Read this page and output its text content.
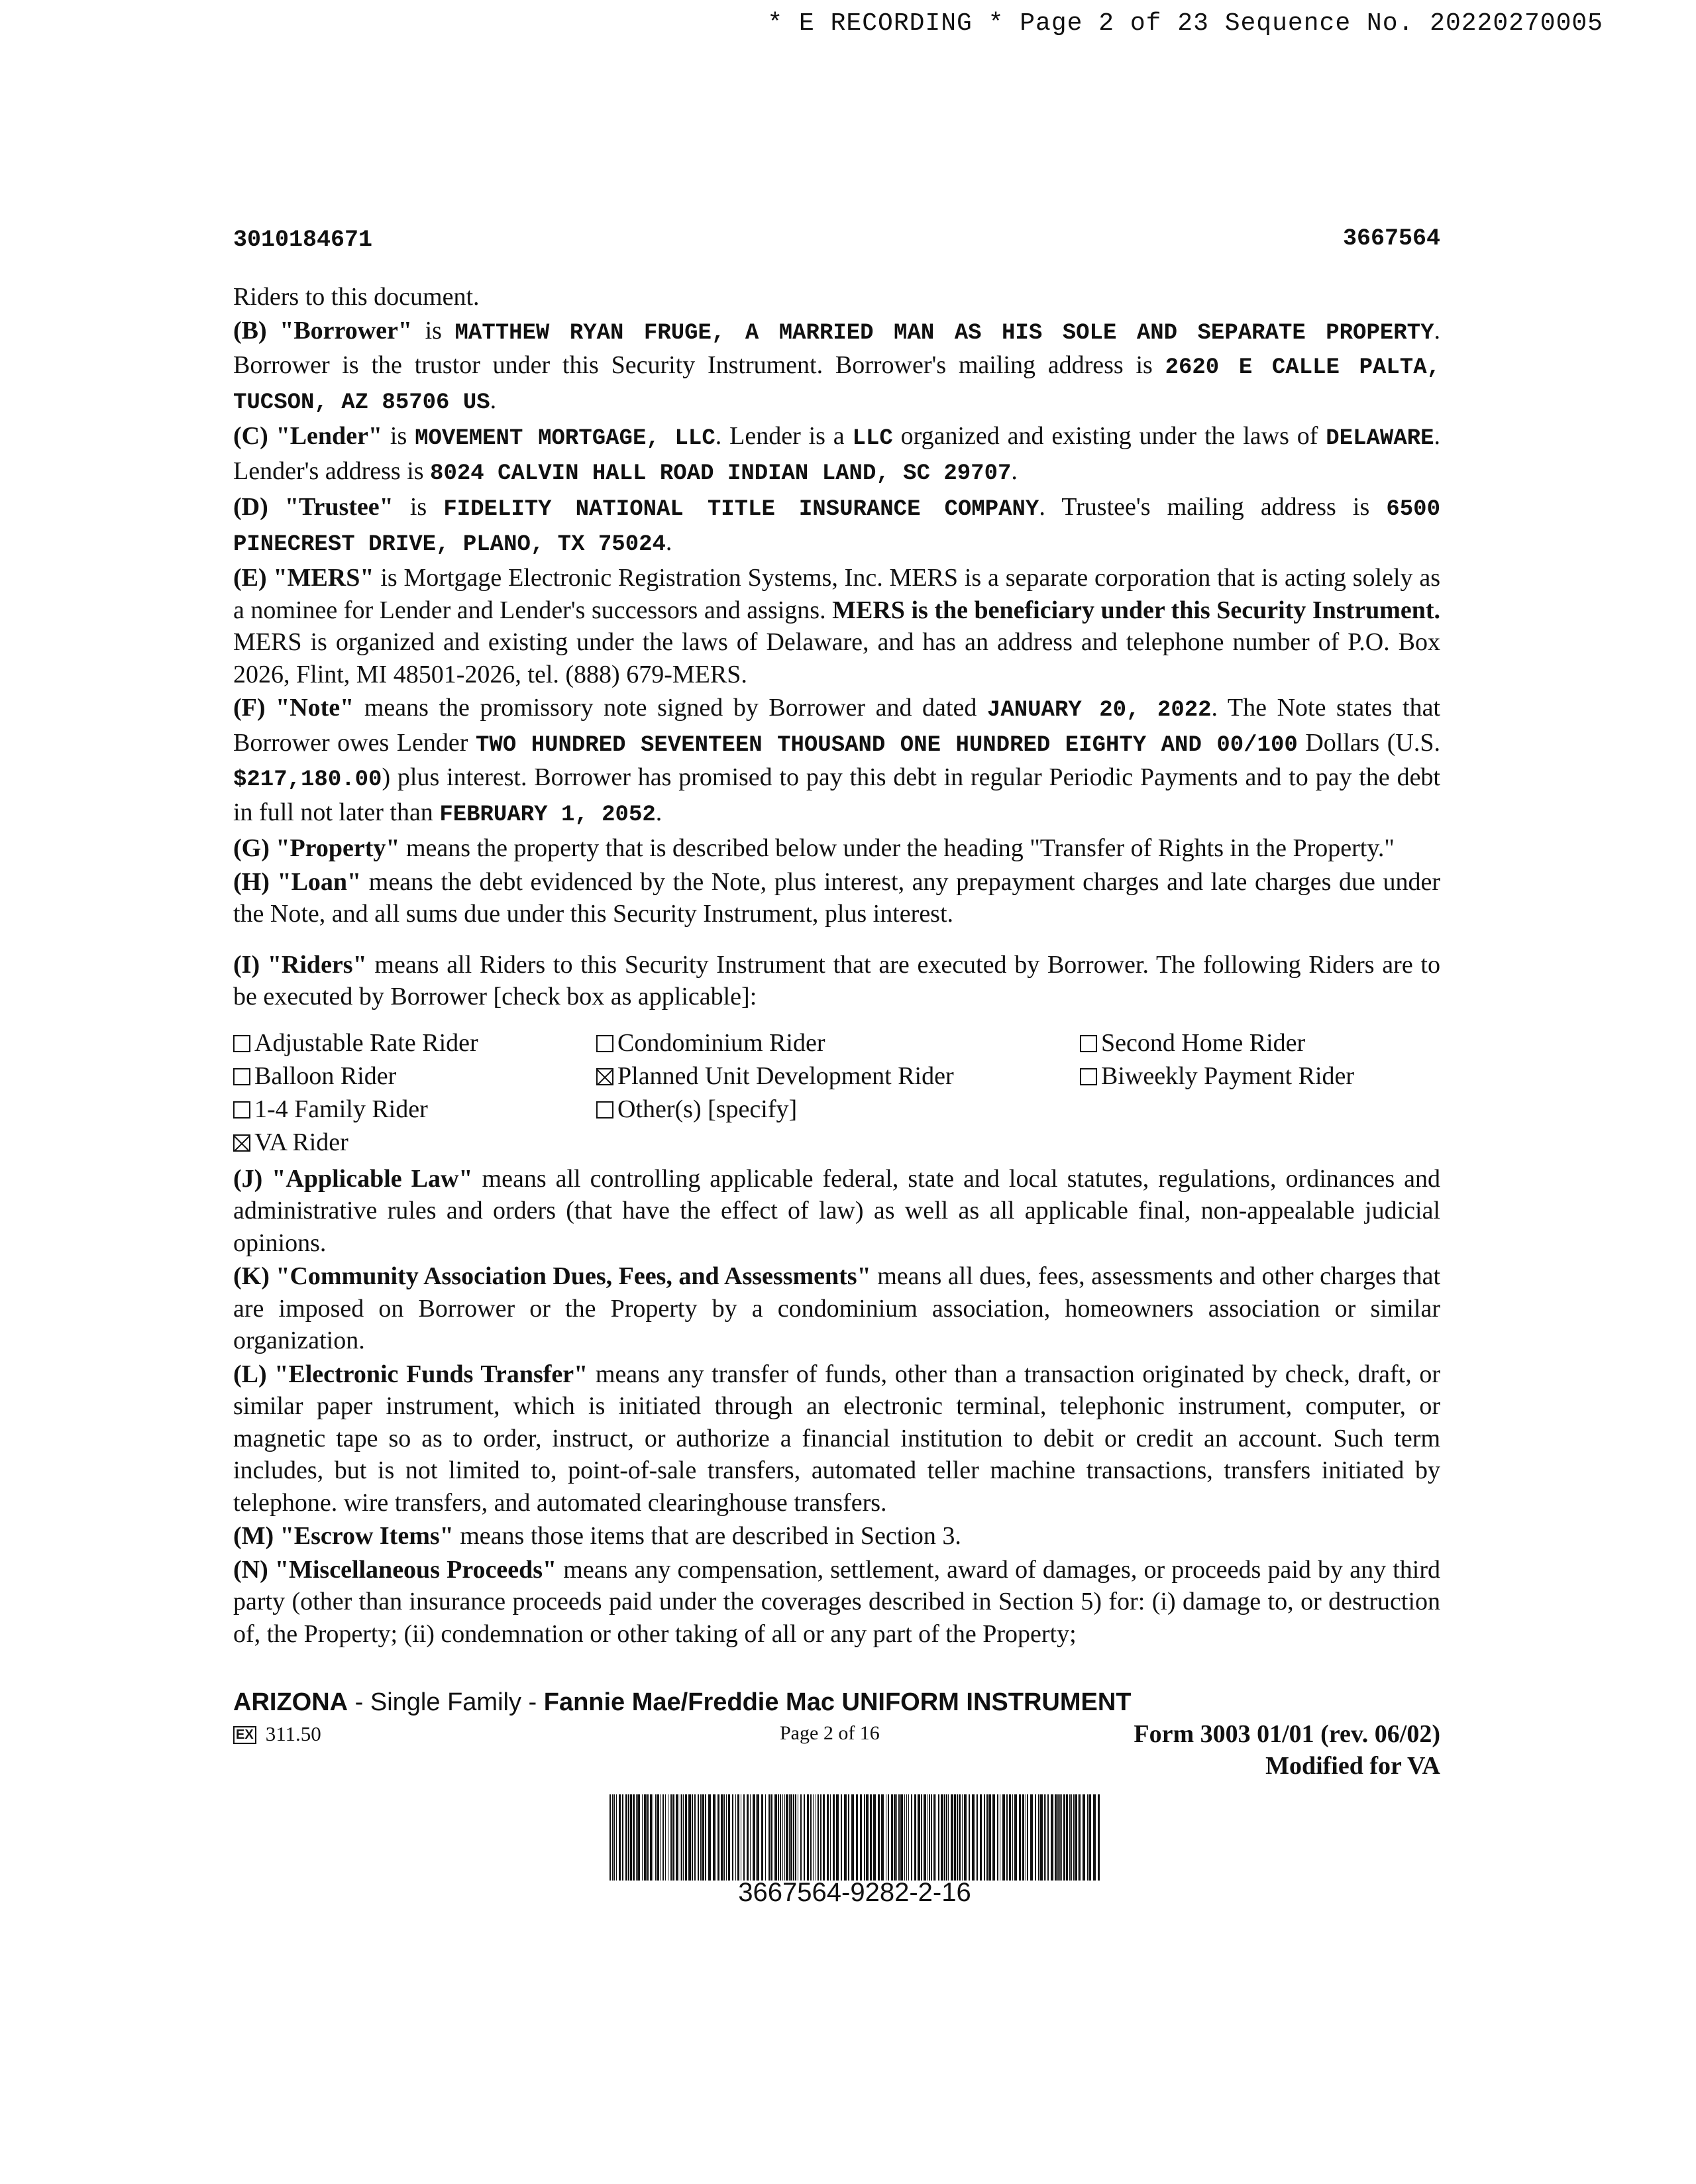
* E RECORDING * Page 2 of 23 Sequence No. 20220270005
3010184671	3667564

Riders to this document.

(B) "Borrower" is MATTHEW RYAN FRUGE, A MARRIED MAN AS HIS SOLE AND SEPARATE PROPERTY. Borrower is the trustor under this Security Instrument. Borrower's mailing address is 2620 E CALLE PALTA, TUCSON, AZ 85706 US.

(C) "Lender" is MOVEMENT MORTGAGE, LLC. Lender is a LLC organized and existing under the laws of DELAWARE. Lender's address is 8024 CALVIN HALL ROAD INDIAN LAND, SC 29707.

(D) "Trustee" is FIDELITY NATIONAL TITLE INSURANCE COMPANY. Trustee's mailing address is 6500 PINECREST DRIVE, PLANO, TX 75024.

(E) "MERS" is Mortgage Electronic Registration Systems, Inc. MERS is a separate corporation that is acting solely as a nominee for Lender and Lender's successors and assigns. MERS is the beneficiary under this Security Instrument. MERS is organized and existing under the laws of Delaware, and has an address and telephone number of P.O. Box 2026, Flint, MI 48501-2026, tel. (888) 679-MERS.

(F) "Note" means the promissory note signed by Borrower and dated JANUARY 20, 2022. The Note states that Borrower owes Lender TWO HUNDRED SEVENTEEN THOUSAND ONE HUNDRED EIGHTY AND 00/100 Dollars (U.S. $217,180.00) plus interest. Borrower has promised to pay this debt in regular Periodic Payments and to pay the debt in full not later than FEBRUARY 1, 2052.

(G) "Property" means the property that is described below under the heading "Transfer of Rights in the Property."

(H) "Loan" means the debt evidenced by the Note, plus interest, any prepayment charges and late charges due under the Note, and all sums due under this Security Instrument, plus interest.

(I) "Riders" means all Riders to this Security Instrument that are executed by Borrower. The following Riders are to be executed by Borrower [check box as applicable]:

Adjustable Rate Rider	Condominium Rider	Second Home Rider
Balloon Rider	Planned Unit Development Rider	Biweekly Payment Rider
1-4 Family Rider	Other(s) [specify]
VA Rider

(J) "Applicable Law" means all controlling applicable federal, state and local statutes, regulations, ordinances and administrative rules and orders (that have the effect of law) as well as all applicable final, non-appealable judicial opinions.

(K) "Community Association Dues, Fees, and Assessments" means all dues, fees, assessments and other charges that are imposed on Borrower or the Property by a condominium association, homeowners association or similar organization.

(L) "Electronic Funds Transfer" means any transfer of funds, other than a transaction originated by check, draft, or similar paper instrument, which is initiated through an electronic terminal, telephonic instrument, computer, or magnetic tape so as to order, instruct, or authorize a financial institution to debit or credit an account. Such term includes, but is not limited to, point-of-sale transfers, automated teller machine transactions, transfers initiated by telephone. wire transfers, and automated clearinghouse transfers.

(M) "Escrow Items" means those items that are described in Section 3.

(N) "Miscellaneous Proceeds" means any compensation, settlement, award of damages, or proceeds paid by any third party (other than insurance proceeds paid under the coverages described in Section 5) for: (i) damage to, or destruction of, the Property; (ii) condemnation or other taking of all or any part of the Property;

ARIZONA - Single Family - Fannie Mae/Freddie Mac UNIFORM INSTRUMENT
EX 311.50	Page 2 of 16	Form 3003 01/01 (rev. 06/02)
Modified for VA
3667564-9282-2-16
